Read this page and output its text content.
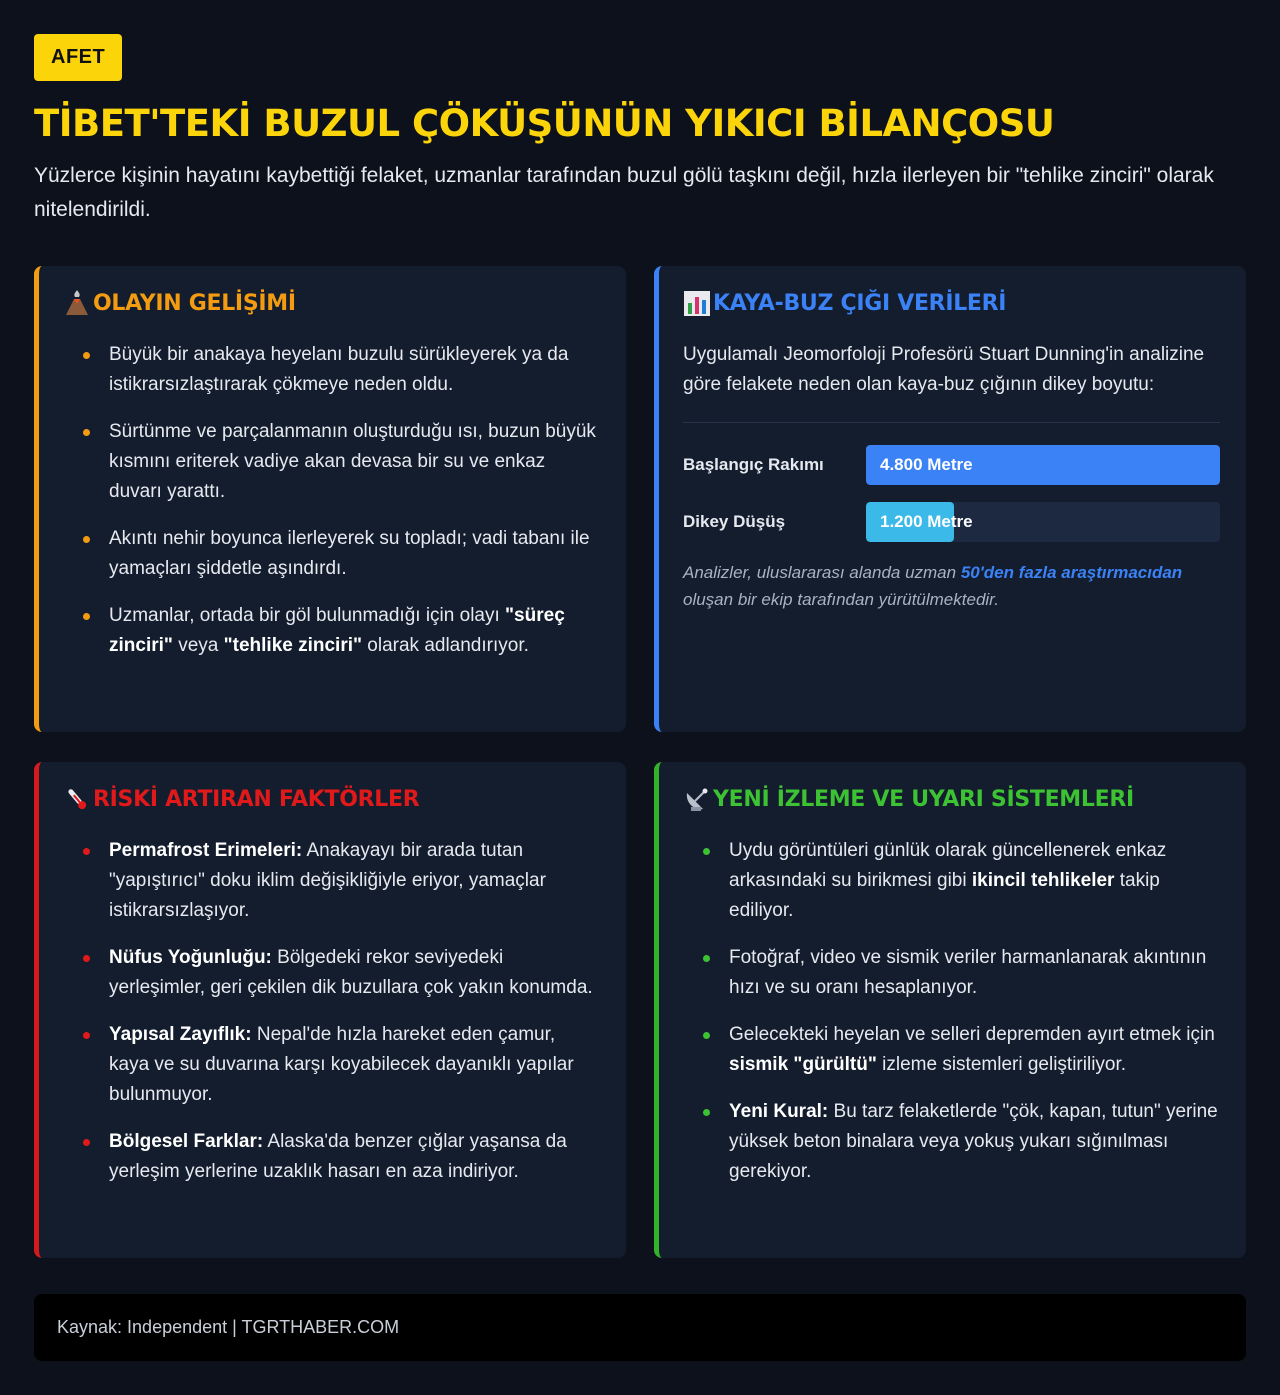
AFET
TİBET'TEKİ BUZUL ÇÖKÜŞÜNÜN YIKICI BİLANÇOSU

Yüzlerce kişinin hayatını kaybettiği felaket, uzmanlar tarafından buzul gölü taşkını değil, hızla ilerleyen bir "tehlike zinciri" olarak nitelendirildi.

OLAYIN GELİŞİMİ
Büyük bir anakaya heyelanı buzulu sürükleyerek ya da istikrarsızlaştırarak çökmeye neden oldu.
Sürtünme ve parçalanmanın oluşturduğu ısı, buzun büyük kısmını eriterek vadiye akan devasa bir su ve enkaz duvarı yarattı.
Akıntı nehir boyunca ilerleyerek su topladı; vadi tabanı ile yamaçları şiddetle aşındırdı.
Uzmanlar, ortada bir göl bulunmadığı için olayı "süreç zinciri" veya "tehlike zinciri" olarak adlandırıyor.
KAYA-BUZ ÇIĞI VERİLERİ

Uygulamalı Jeomorfoloji Profesörü Stuart Dunning'in analizine göre felakete neden olan kaya-buz çığının dikey boyutu:

Başlangıç Rakımı	4.800 Metre
Dikey Düşüş	1.200 Metre

Analizler, uluslararası alanda uzman 50'den fazla araştırmacıdan oluşan bir ekip tarafından yürütülmektedir.

RİSKİ ARTIRAN FAKTÖRLER
Permafrost Erimeleri: Anakayayı bir arada tutan "yapıştırıcı" doku iklim değişikliğiyle eriyor, yamaçlar istikrarsızlaşıyor.
Nüfus Yoğunluğu: Bölgedeki rekor seviyedeki yerleşimler, geri çekilen dik buzullara çok yakın konumda.
Yapısal Zayıflık: Nepal'de hızla hareket eden çamur, kaya ve su duvarına karşı koyabilecek dayanıklı yapılar bulunmuyor.
Bölgesel Farklar: Alaska'da benzer çığlar yaşansa da yerleşim yerlerine uzaklık hasarı en aza indiriyor.
YENİ İZLEME VE UYARI SİSTEMLERİ
Uydu görüntüleri günlük olarak güncellenerek enkaz arkasındaki su birikmesi gibi ikincil tehlikeler takip ediliyor.
Fotoğraf, video ve sismik veriler harmanlanarak akıntının hızı ve su oranı hesaplanıyor.
Gelecekteki heyelan ve selleri depremden ayırt etmek için sismik "gürültü" izleme sistemleri geliştiriliyor.
Yeni Kural: Bu tarz felaketlerde "çök, kapan, tutun" yerine yüksek beton binalara veya yokuş yukarı sığınılması gerekiyor.
Kaynak: Independent | TGRTHABER.COM
